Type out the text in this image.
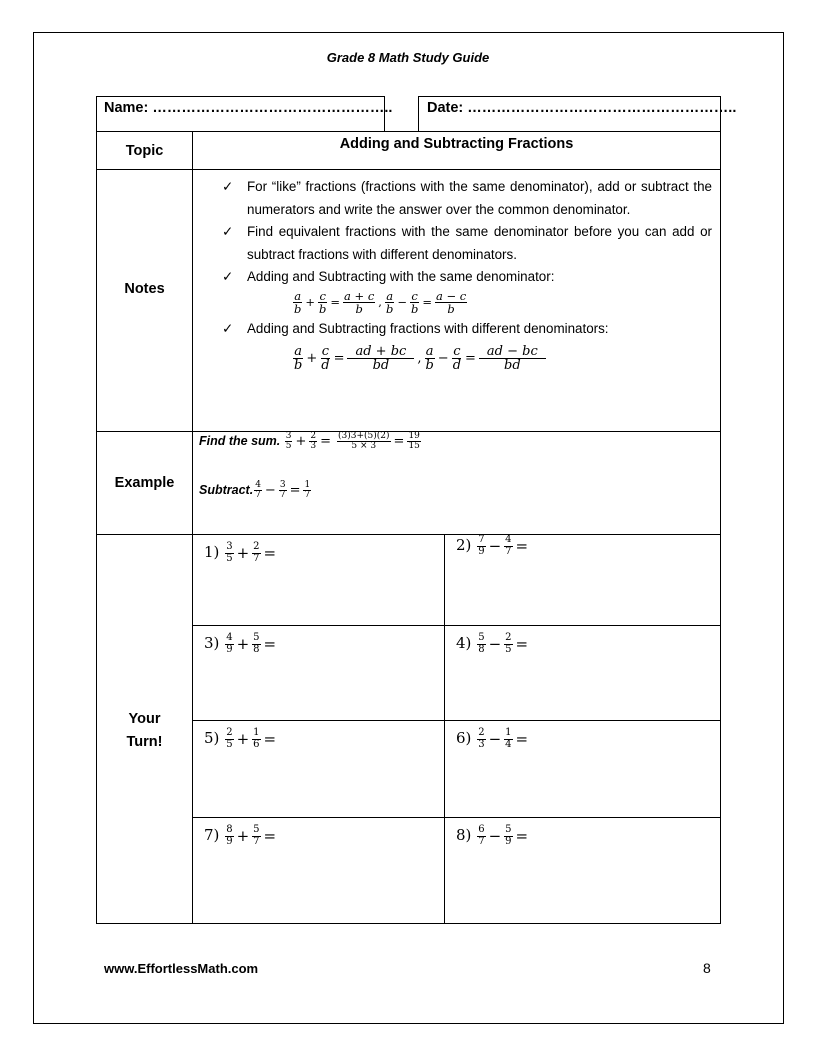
Grade 8 Math Study Guide
Name: ………………………………………….. Date: ………………………………………………..
Topic	Adding and Subtracting Fractions
Notes
✓ For “like” fractions (fractions with the same denominator), add or subtract the numerators and write the answer over the common denominator.
✓ Find equivalent fractions with the same denominator before you can add or subtract fractions with different denominators.
✓ Adding and Subtracting with the same denominator:
$\frac{a}{b} + \frac{c}{b} = \frac{a + c}{b}$ , $\frac{a}{b} - \frac{c}{b} = \frac{a - c}{b}$
✓ Adding and Subtracting fractions with different denominators:
$\frac{a}{b} + \frac{c}{d} = \frac{ad + bc}{bd}$ , $\frac{a}{b} - \frac{c}{d} = \frac{ad - bc}{bd}$
Example
Find the sum. $\frac{3}{5} + \frac{2}{3} = \frac{(3)3+(5)(2)}{5 \times 3} = \frac{19}{15}$
Subtract. $\frac{4}{7} - \frac{3}{7} = \frac{1}{7}$
Your
Turn!
$1) \frac{3}{5} + \frac{2}{7}$ =	$2) \frac{7}{9} - \frac{4}{7}$ =
$3) \frac{4}{9} + \frac{5}{8}$ =	$4) \frac{5}{8} - \frac{2}{5}$ =
$5) \frac{2}{5} + \frac{1}{6}$ =	$6) \frac{2}{3} - \frac{1}{4}$ =
$7) \frac{8}{9} + \frac{5}{7}$ =	$8) \frac{6}{7} - \frac{5}{9}$ =
www.EffortlessMath.com	8
